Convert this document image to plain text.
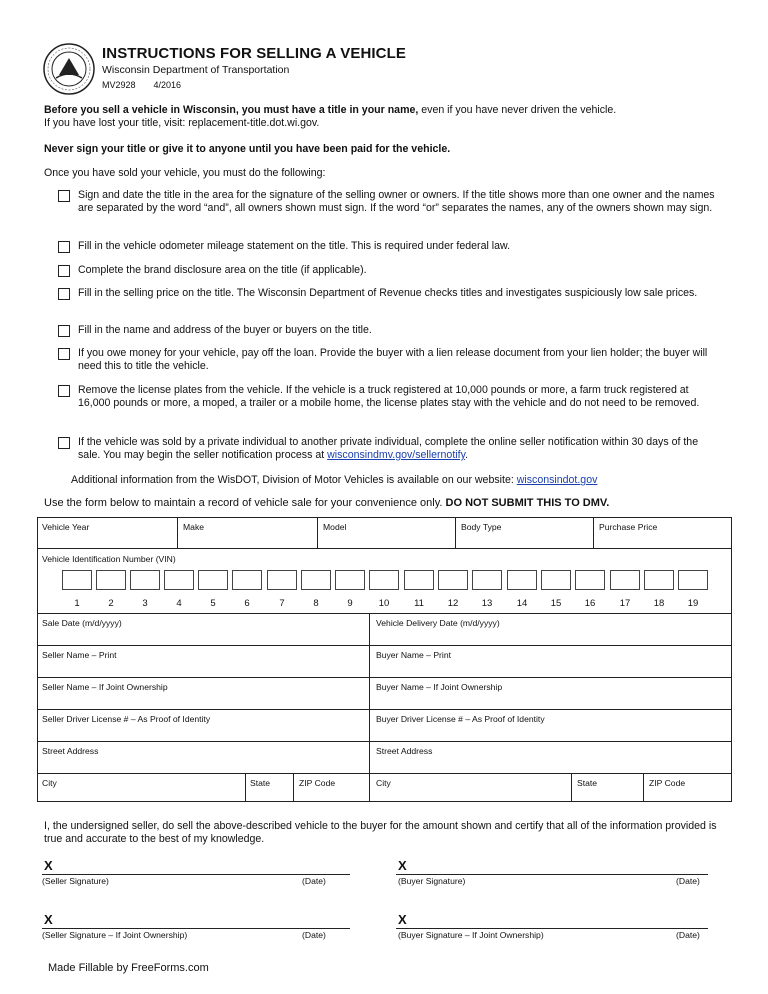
INSTRUCTIONS FOR SELLING A VEHICLE
Wisconsin Department of Transportation
MV2928 4/2016
Before you sell a vehicle in Wisconsin, you must have a title in your name, even if you have never driven the vehicle.
If you have lost your title, visit: replacement-title.dot.wi.gov.
Never sign your title or give it to anyone until you have been paid for the vehicle.
Once you have sold your vehicle, you must do the following:
Sign and date the title in the area for the signature of the selling owner or owners. If the title shows more than one owner and the names are separated by the word “and”, all owners shown must sign. If the word “or” separates the names, any of the owners shown may sign.
Fill in the vehicle odometer mileage statement on the title. This is required under federal law.
Complete the brand disclosure area on the title (if applicable).
Fill in the selling price on the title. The Wisconsin Department of Revenue checks titles and investigates suspiciously low sale prices.
Fill in the name and address of the buyer or buyers on the title.
If you owe money for your vehicle, pay off the loan. Provide the buyer with a lien release document from your lien holder; the buyer will need this to title the vehicle.
Remove the license plates from the vehicle. If the vehicle is a truck registered at 10,000 pounds or more, a farm truck registered at 16,000 pounds or more, a moped, a trailer or a mobile home, the license plates stay with the vehicle and do not need to be removed.
If the vehicle was sold by a private individual to another private individual, complete the online seller notification within 30 days of the sale. You may begin the seller notification process at wisconsindmv.gov/sellernotify.
Additional information from the WisDOT, Division of Motor Vehicles is available on our website: wisconsindot.gov
Use the form below to maintain a record of vehicle sale for your convenience only. DO NOT SUBMIT THIS TO DMV.
Vehicle Year	Make	Model	Body Type	Purchase Price
Vehicle Identification Number (VIN)
1	2	3	4	5	6	7	8	9	10	11	12	13	14	15	16	17	18	19
Sale Date (m/d/yyyy)	Vehicle Delivery Date (m/d/yyyy)
Seller Name – Print	Buyer Name – Print
Seller Name – If Joint Ownership	Buyer Name – If Joint Ownership
Seller Driver License # – As Proof of Identity	Buyer Driver License # – As Proof of Identity
Street Address	Street Address
City	State	ZIP Code	City	State	ZIP Code
I, the undersigned seller, do sell the above-described vehicle to the buyer for the amount shown and certify that all of the information provided is true and accurate to the best of my knowledge.
X
(Seller Signature)	(Date)
X
(Buyer Signature)	(Date)
X
(Seller Signature – If Joint Ownership)	(Date)
X
(Buyer Signature – If Joint Ownership)	(Date)
Made Fillable by FreeForms.com
